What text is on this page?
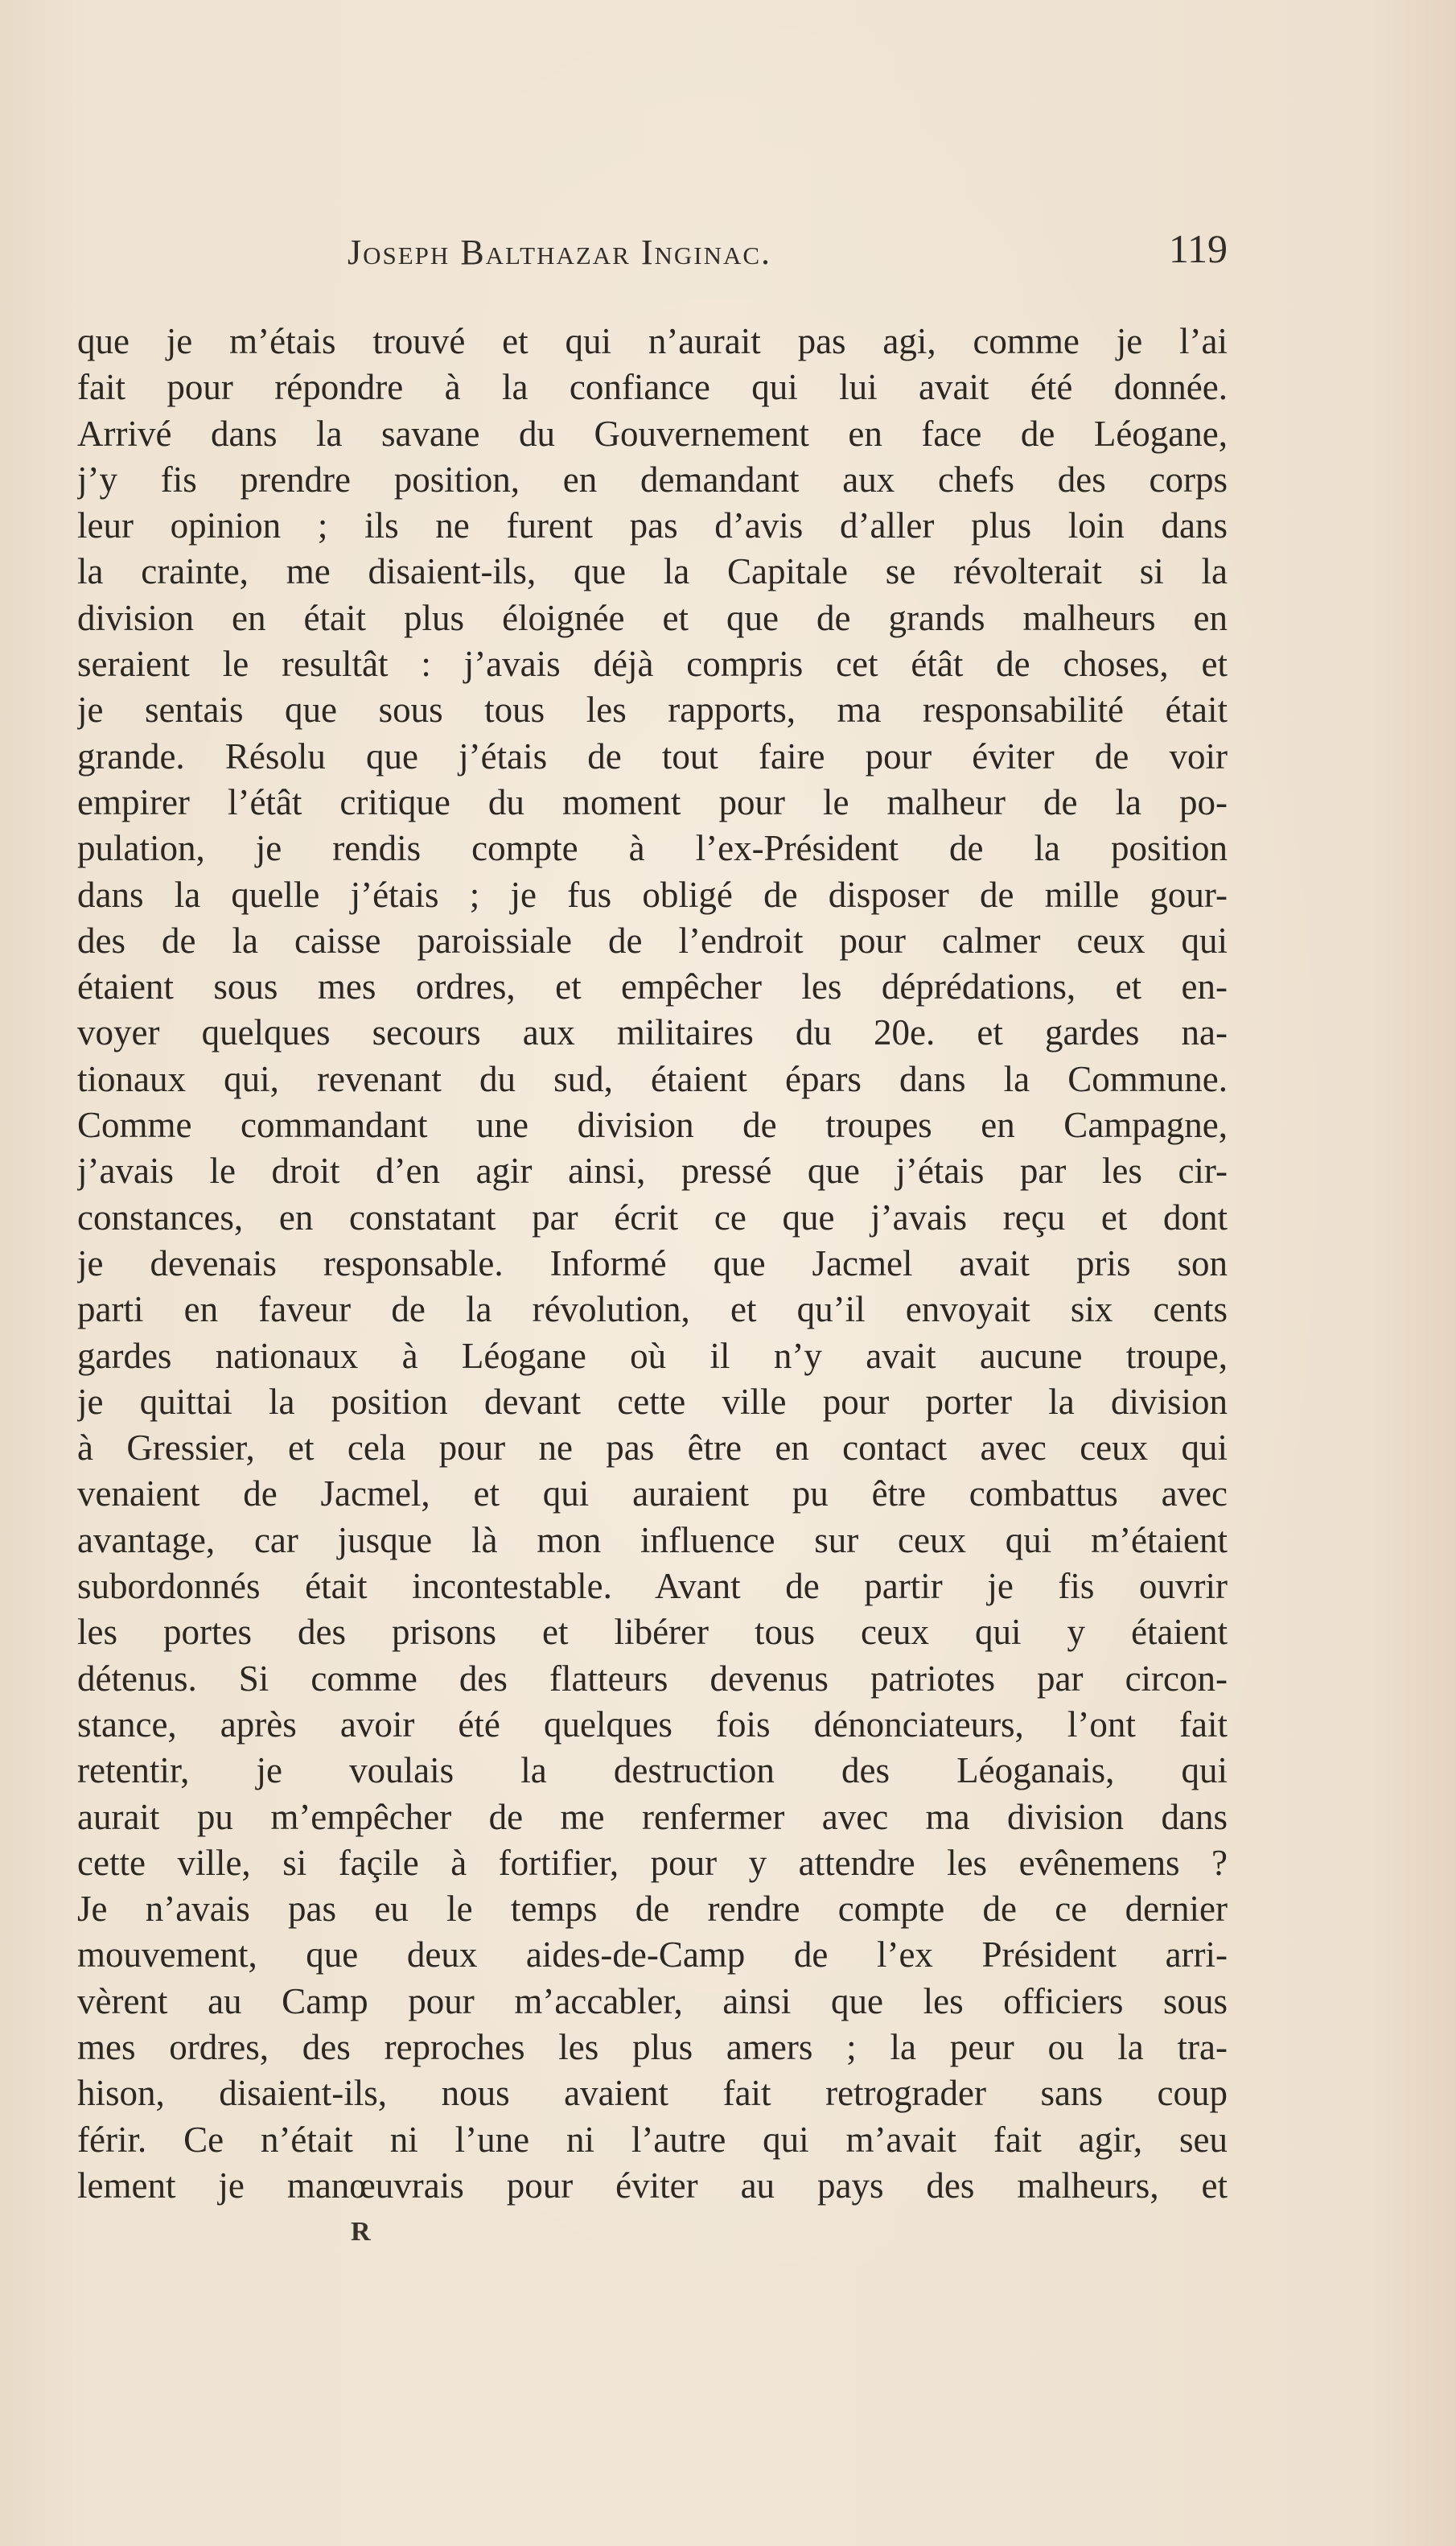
Joseph Balthazar Inginac.	119
que je m’étais trouvé et qui n’aurait pas agi, comme je l’ai
fait pour répondre à la confiance qui lui avait été donnée.
Arrivé dans la savane du Gouvernement en face de Léogane,
j’y fis prendre position, en demandant aux chefs des corps
leur opinion ; ils ne furent pas d’avis d’aller plus loin dans
la crainte, me disaient-ils, que la Capitale se révolterait si la
division en était plus éloignée et que de grands malheurs en
seraient le resultât : j’avais déjà compris cet étât de choses, et
je sentais que sous tous les rapports, ma responsabilité était
grande. Résolu que j’étais de tout faire pour éviter de voir
empirer l’étât critique du moment pour le malheur de la po-
pulation, je rendis compte à l’ex-Président de la position
dans la quelle j’étais ; je fus obligé de disposer de mille gour-
des de la caisse paroissiale de l’endroit pour calmer ceux qui
étaient sous mes ordres, et empêcher les déprédations, et en-
voyer quelques secours aux militaires du 20e. et gardes na-
tionaux qui, revenant du sud, étaient épars dans la Commune.
Comme commandant une division de troupes en Campagne,
j’avais le droit d’en agir ainsi, pressé que j’étais par les cir-
constances, en constatant par écrit ce que j’avais reçu et dont
je devenais responsable. Informé que Jacmel avait pris son
parti en faveur de la révolution, et qu’il envoyait six cents
gardes nationaux à Léogane où il n’y avait aucune troupe,
je quittai la position devant cette ville pour porter la division
à Gressier, et cela pour ne pas être en contact avec ceux qui
venaient de Jacmel, et qui auraient pu être combattus avec
avantage, car jusque là mon influence sur ceux qui m’étaient
subordonnés était incontestable. Avant de partir je fis ouvrir
les portes des prisons et libérer tous ceux qui y étaient
détenus. Si comme des flatteurs devenus patriotes par circon-
stance, après avoir été quelques fois dénonciateurs, l’ont fait
retentir, je voulais la destruction des Léoganais, qui
aurait pu m’empêcher de me renfermer avec ma division dans
cette ville, si façile à fortifier, pour y attendre les evênemens ?
Je n’avais pas eu le temps de rendre compte de ce dernier
mouvement, que deux aides-de-Camp de l’ex Président arri-
vèrent au Camp pour m’accabler, ainsi que les officiers sous
mes ordres, des reproches les plus amers ; la peur ou la tra-
hison, disaient-ils, nous avaient fait retrograder sans coup
férir. Ce n’était ni l’une ni l’autre qui m’avait fait agir, seu
lement je manœuvrais pour éviter au pays des malheurs, et
R
